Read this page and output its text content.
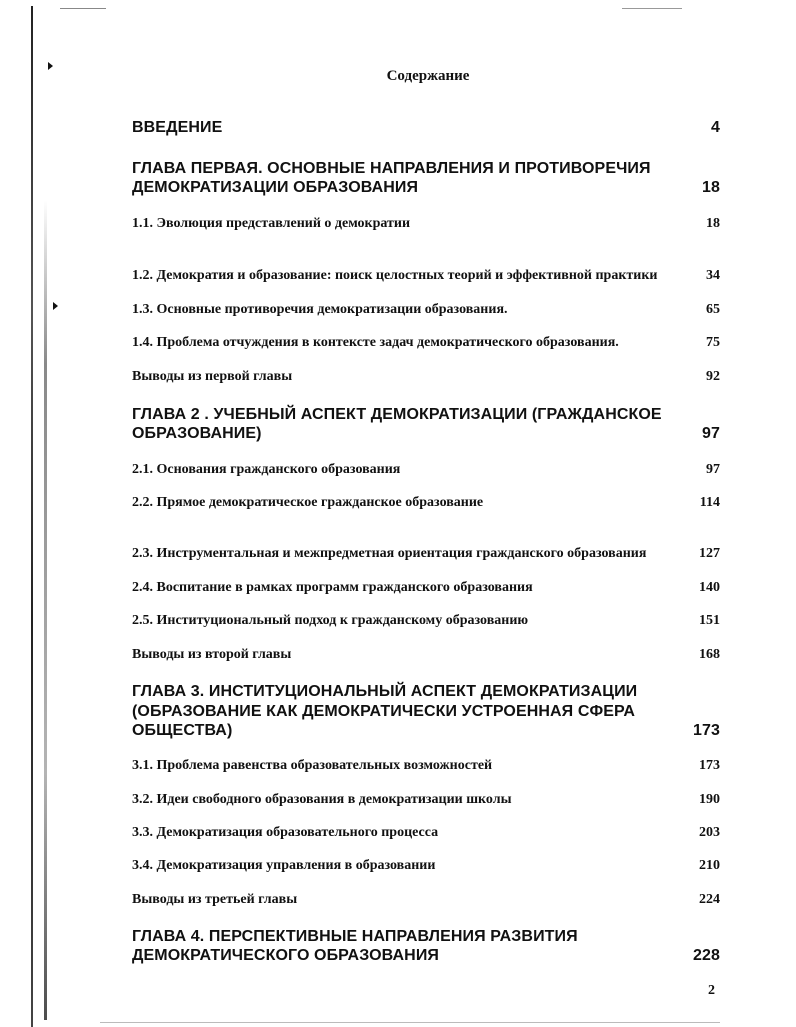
Содержание
ВВЕДЕНИЕ	4
ГЛАВА ПЕРВАЯ. ОСНОВНЫЕ НАПРАВЛЕНИЯ И ПРОТИВОРЕЧИЯ ДЕМОКРАТИЗАЦИИ ОБРАЗОВАНИЯ	18
1.1. Эволюция представлений о демократии	18
1.2. Демократия и образование: поиск целостных теорий и эффективной практики	34
1.3. Основные противоречия демократизации образования.	65
1.4. Проблема отчуждения в контексте задач демократического образования.	75
Выводы из первой главы	92
ГЛАВА 2 . УЧЕБНЫЙ АСПЕКТ ДЕМОКРАТИЗАЦИИ (ГРАЖДАНСКОЕ ОБРАЗОВАНИЕ)	97
2.1. Основания гражданского образования	97
2.2. Прямое демократическое гражданское образование	114
2.3. Инструментальная и межпредметная ориентация гражданского образования	127
2.4. Воспитание в рамках программ гражданского образования	140
2.5. Институциональный подход к гражданскому образованию	151
Выводы из второй главы	168
ГЛАВА 3. ИНСТИТУЦИОНАЛЬНЫЙ АСПЕКТ ДЕМОКРАТИЗАЦИИ (ОБРАЗОВАНИЕ КАК ДЕМОКРАТИЧЕСКИ УСТРОЕННАЯ СФЕРА ОБЩЕСТВА)	173
3.1. Проблема равенства образовательных возможностей	173
3.2. Идеи свободного образования в демократизации школы	190
3.3. Демократизация образовательного процесса	203
3.4. Демократизация управления в образовании	210
Выводы из третьей главы	224
ГЛАВА 4. ПЕРСПЕКТИВНЫЕ НАПРАВЛЕНИЯ РАЗВИТИЯ ДЕМОКРАТИЧЕСКОГО ОБРАЗОВАНИЯ	228
2
